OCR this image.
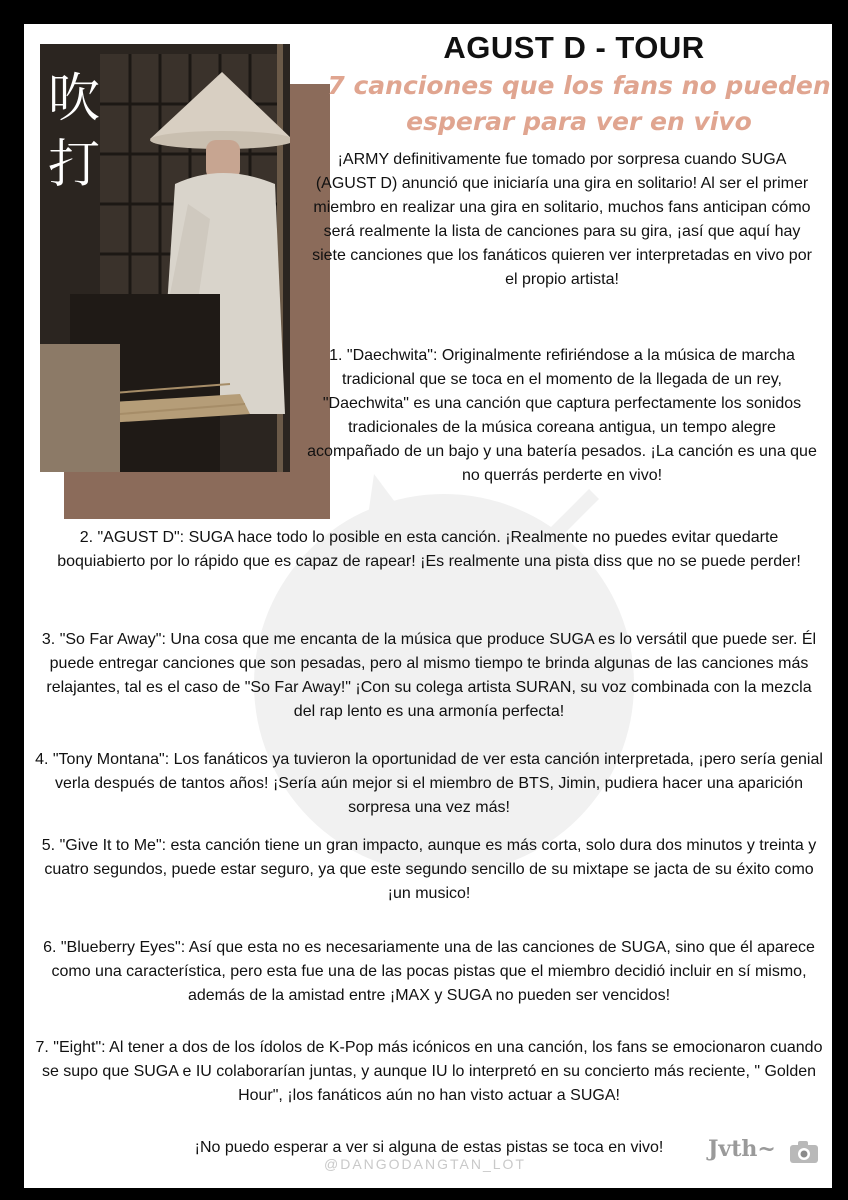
吹
打
AGUST D - TOUR
7 canciones que los fans no pueden
esperar para ver en vivo
¡ARMY definitivamente fue tomado por sorpresa cuando SUGA (AGUST D) anunció que iniciaría una gira en solitario! Al ser el primer miembro en realizar una gira en solitario, muchos fans anticipan cómo será realmente la lista de canciones para su gira, ¡así que aquí hay siete canciones que los fanáticos quieren ver interpretadas en vivo por el propio artista!
1. "Daechwita": Originalmente refiriéndose a la música de marcha tradicional que se toca en el momento de la llegada de un rey, "Daechwita" es una canción que captura perfectamente los sonidos tradicionales de la música coreana antigua, un tempo alegre acompañado de un bajo y una batería pesados. ¡La canción es una que no querrás perderte en vivo!
2. "AGUST D": SUGA hace todo lo posible en esta canción. ¡Realmente no puedes evitar quedarte boquiabierto por lo rápido que es capaz de rapear! ¡Es realmente una pista diss que no se puede perder!
3. "So Far Away": Una cosa que me encanta de la música que produce SUGA es lo versátil que puede ser. Él puede entregar canciones que son pesadas, pero al mismo tiempo te brinda algunas de las canciones más relajantes, tal es el caso de "So Far Away!" ¡Con su colega artista SURAN, su voz combinada con la mezcla del rap lento es una armonía perfecta!
4. "Tony Montana": Los fanáticos ya tuvieron la oportunidad de ver esta canción interpretada, ¡pero sería genial verla después de tantos años! ¡Sería aún mejor si el miembro de BTS, Jimin, pudiera hacer una aparición sorpresa una vez más!
5. "Give It to Me": esta canción tiene un gran impacto, aunque es más corta, solo dura dos minutos y treinta y cuatro segundos, puede estar seguro, ya que este segundo sencillo de su mixtape se jacta de su éxito como ¡un musico!
6. "Blueberry Eyes": Así que esta no es necesariamente una de las canciones de SUGA, sino que él aparece como una característica, pero esta fue una de las pocas pistas que el miembro decidió incluir en sí mismo, además de la amistad entre ¡MAX y SUGA no pueden ser vencidos!
7. "Eight": Al tener a dos de los ídolos de K-Pop más icónicos en una canción, los fans se emocionaron cuando se supo que SUGA e IU colaborarían juntas, y aunque IU lo interpretó en su concierto más reciente, " Golden Hour", ¡los fanáticos aún no han visto actuar a SUGA!
¡No puedo esperar a ver si alguna de estas pistas se toca en vivo!
@DANGODANGTAN_LOT
Jvth~
